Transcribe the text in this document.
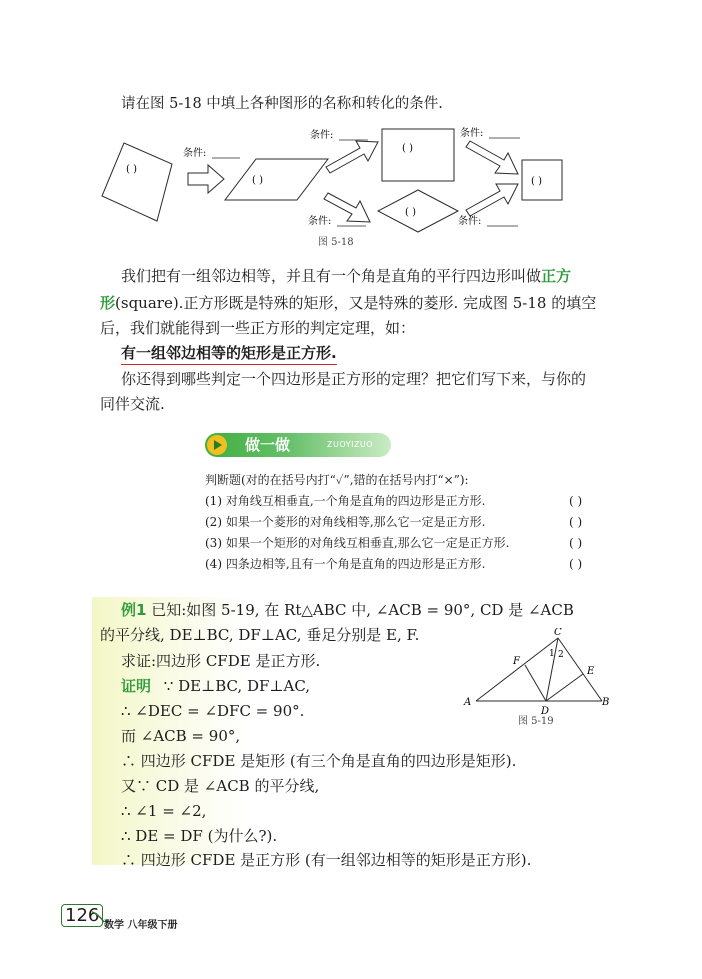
请在图 5-18 中填上各种图形的名称和转化的条件.
( )
( )
( )
( )
( )
条件:
条件:	条件:
条件:	条件:
图 5-18
我们把有一组邻边相等，并且有一个角是直角的平行四边形叫做正方
形(square).正方形既是特殊的矩形，又是特殊的菱形. 完成图 5-18 的填空
后，我们就能得到一些正方形的判定定理，如：
有一组邻边相等的矩形是正方形.
你还得到哪些判定一个四边形是正方形的定理？把它们写下来，与你的
同伴交流.
做一做	ZUOYIZUO
判断题(对的在括号内打“✓”,错的在括号内打“×”):
(1) 对角线互相垂直,一个角是直角的四边形是正方形.	( )
(2) 如果一个菱形的对角线相等,那么它一定是正方形.	( )
(3) 如果一个矩形的对角线互相垂直,那么它一定是正方形.	( )
(4) 四条边相等,且有一个角是直角的四边形是正方形.	( )
例1 已知:如图 5-19, 在 Rt△ABC 中, ∠ACB = 90°, CD 是 ∠ACB
的平分线, DE⊥BC, DF⊥AC, 垂足分别是 E, F.
求证:四边形 CFDE 是正方形.
证明 ∵ DE⊥BC, DF⊥AC,
∴ ∠DEC = ∠DFC = 90°.
而 ∠ACB = 90°,
∴ 四边形 CFDE 是矩形 (有三个角是直角的四边形是矩形).
又∵ CD 是 ∠ACB 的平分线,
∴ ∠1 = ∠2,
∴ DE = DF (为什么?).
∴ 四边形 CFDE 是正方形 (有一组邻边相等的矩形是正方形).
A	B
C
D
E
F
1 2
图 5-19
126 数学 八年级下册
